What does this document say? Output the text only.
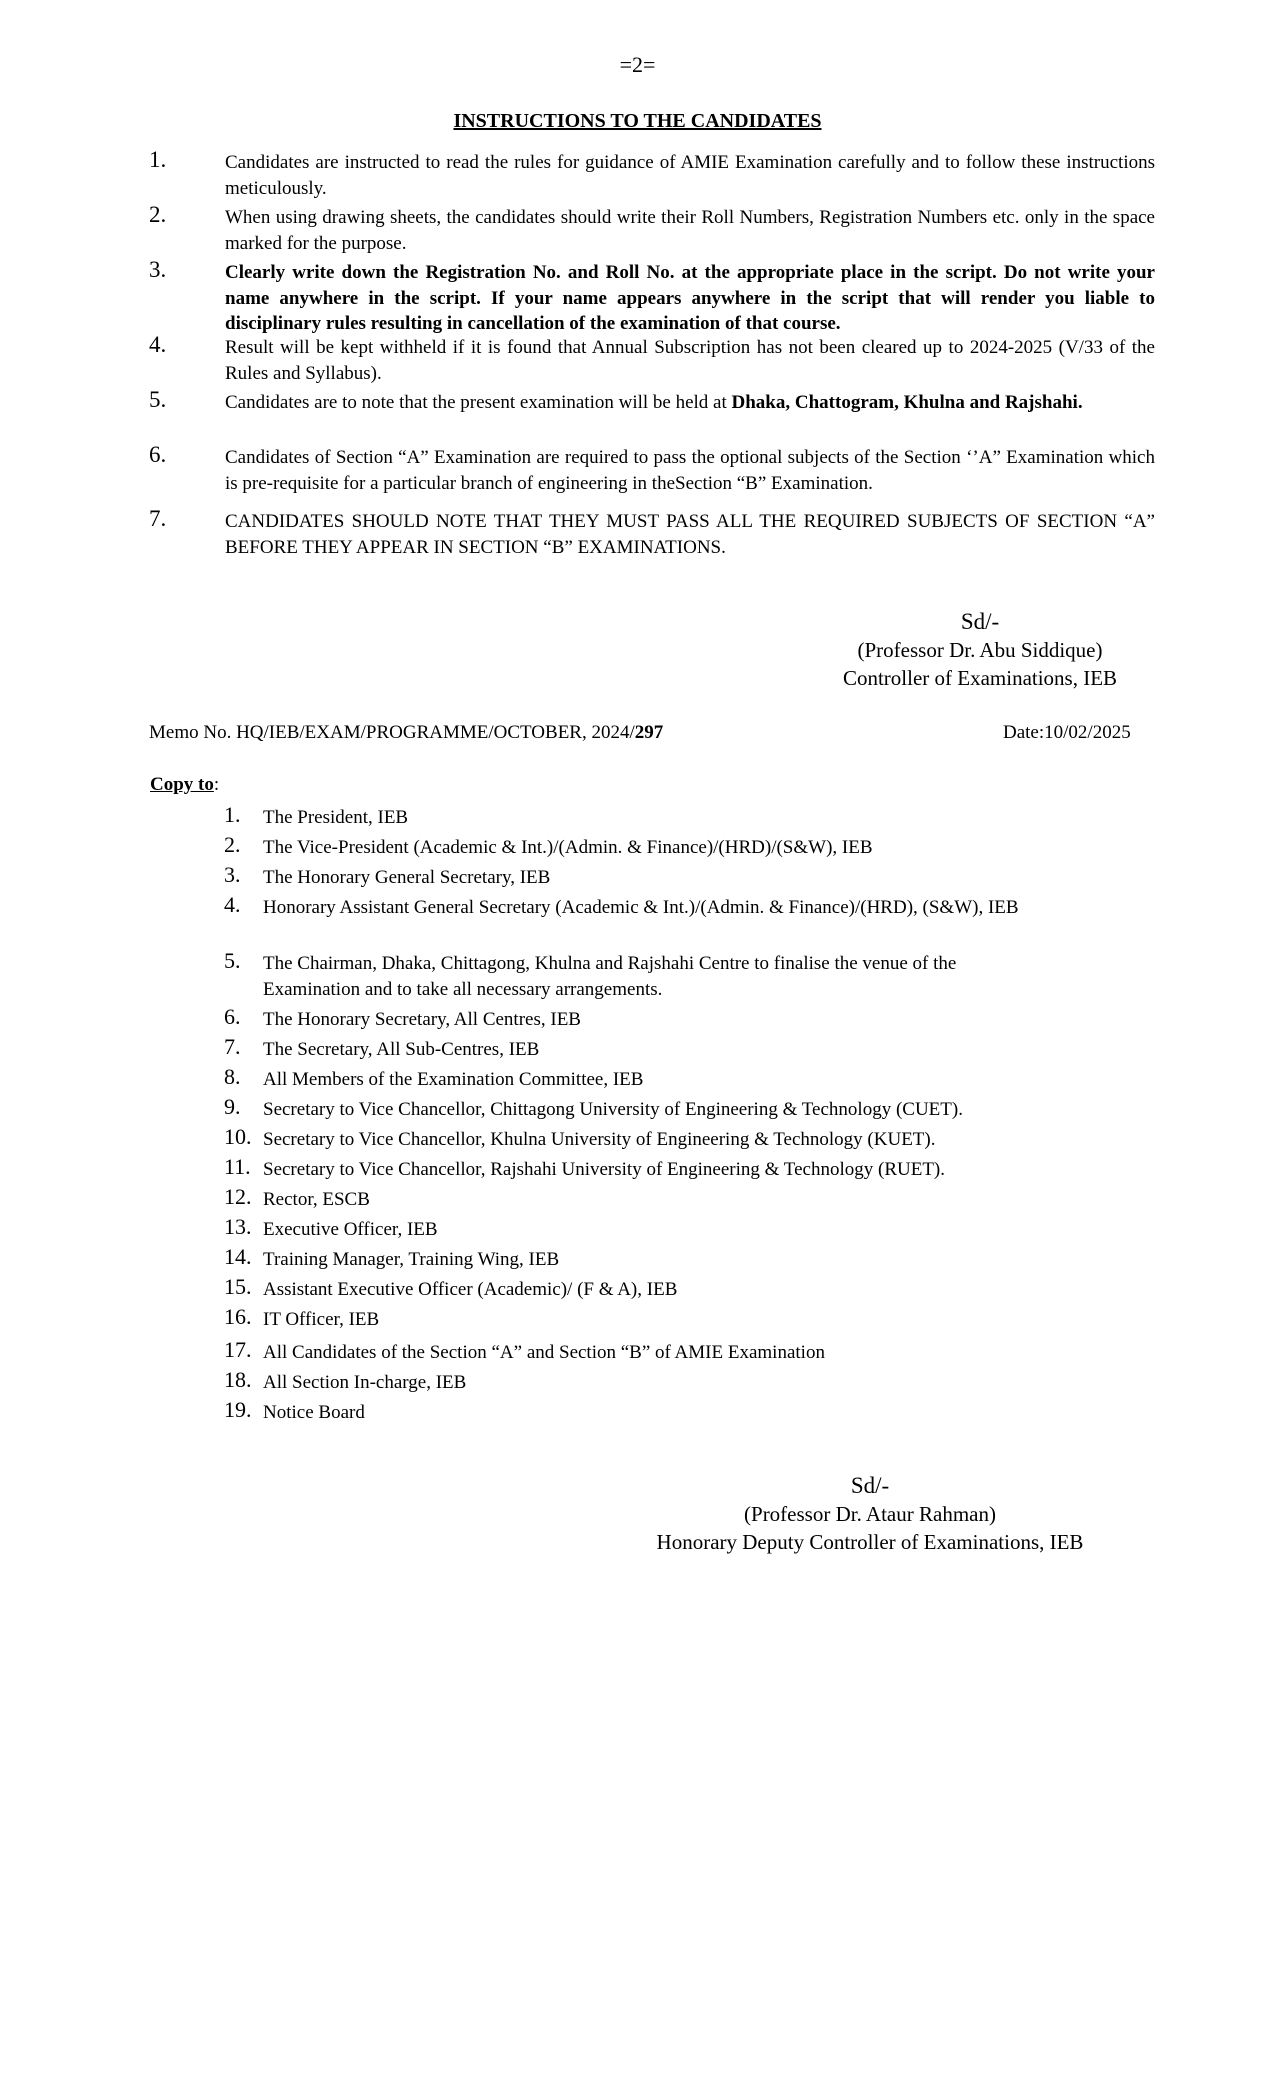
=2=
INSTRUCTIONS TO THE CANDIDATES
1.	Candidates are instructed to read the rules for guidance of AMIE Examination carefully and to follow these instructions meticulously.
2.	When using drawing sheets, the candidates should write their Roll Numbers, Registration Numbers etc. only in the space marked for the purpose.
3.	Clearly write down the Registration No. and Roll No. at the appropriate place in the script. Do not write your name anywhere in the script. If your name appears anywhere in the script that will render you liable to disciplinary rules resulting in cancellation of the examination of that course.
4.	Result will be kept withheld if it is found that Annual Subscription has not been cleared up to 2024-2025 (V/33 of the Rules and Syllabus).
5.	Candidates are to note that the present examination will be held at Dhaka, Chattogram, Khulna and Rajshahi.
6.	Candidates of Section “A” Examination are required to pass the optional subjects of the Section ‘’A” Examination which is pre-requisite for a particular branch of engineering in theSection “B” Examination.
7.	CANDIDATES SHOULD NOTE THAT THEY MUST PASS ALL THE REQUIRED SUBJECTS OF SECTION “A” BEFORE THEY APPEAR IN SECTION “B” EXAMINATIONS.
Sd/-
(Professor Dr. Abu Siddique)
Controller of Examinations, IEB
Memo No. HQ/IEB/EXAM/PROGRAMME/OCTOBER, 2024/297	Date:10/02/2025
Copy to:
1. The President, IEB
2. The Vice-President (Academic & Int.)/(Admin. & Finance)/(HRD)/(S&W), IEB
3. The Honorary General Secretary, IEB
4. Honorary Assistant General Secretary (Academic & Int.)/(Admin. & Finance)/(HRD), (S&W), IEB
5. The Chairman, Dhaka, Chittagong, Khulna and Rajshahi Centre to finalise the venue of the Examination and to take all necessary arrangements.
6. The Honorary Secretary, All Centres, IEB
7. The Secretary, All Sub-Centres, IEB
8. All Members of the Examination Committee, IEB
9. Secretary to Vice Chancellor, Chittagong University of Engineering & Technology (CUET).
10. Secretary to Vice Chancellor, Khulna University of Engineering & Technology (KUET).
11. Secretary to Vice Chancellor, Rajshahi University of Engineering & Technology (RUET).
12. Rector, ESCB
13. Executive Officer, IEB
14. Training Manager, Training Wing, IEB
15. Assistant Executive Officer (Academic)/ (F & A), IEB
16. IT Officer, IEB
17. All Candidates of the Section “A” and Section “B” of AMIE Examination
18. All Section In-charge, IEB
19. Notice Board
Sd/-
(Professor Dr. Ataur Rahman)
Honorary Deputy Controller of Examinations, IEB
